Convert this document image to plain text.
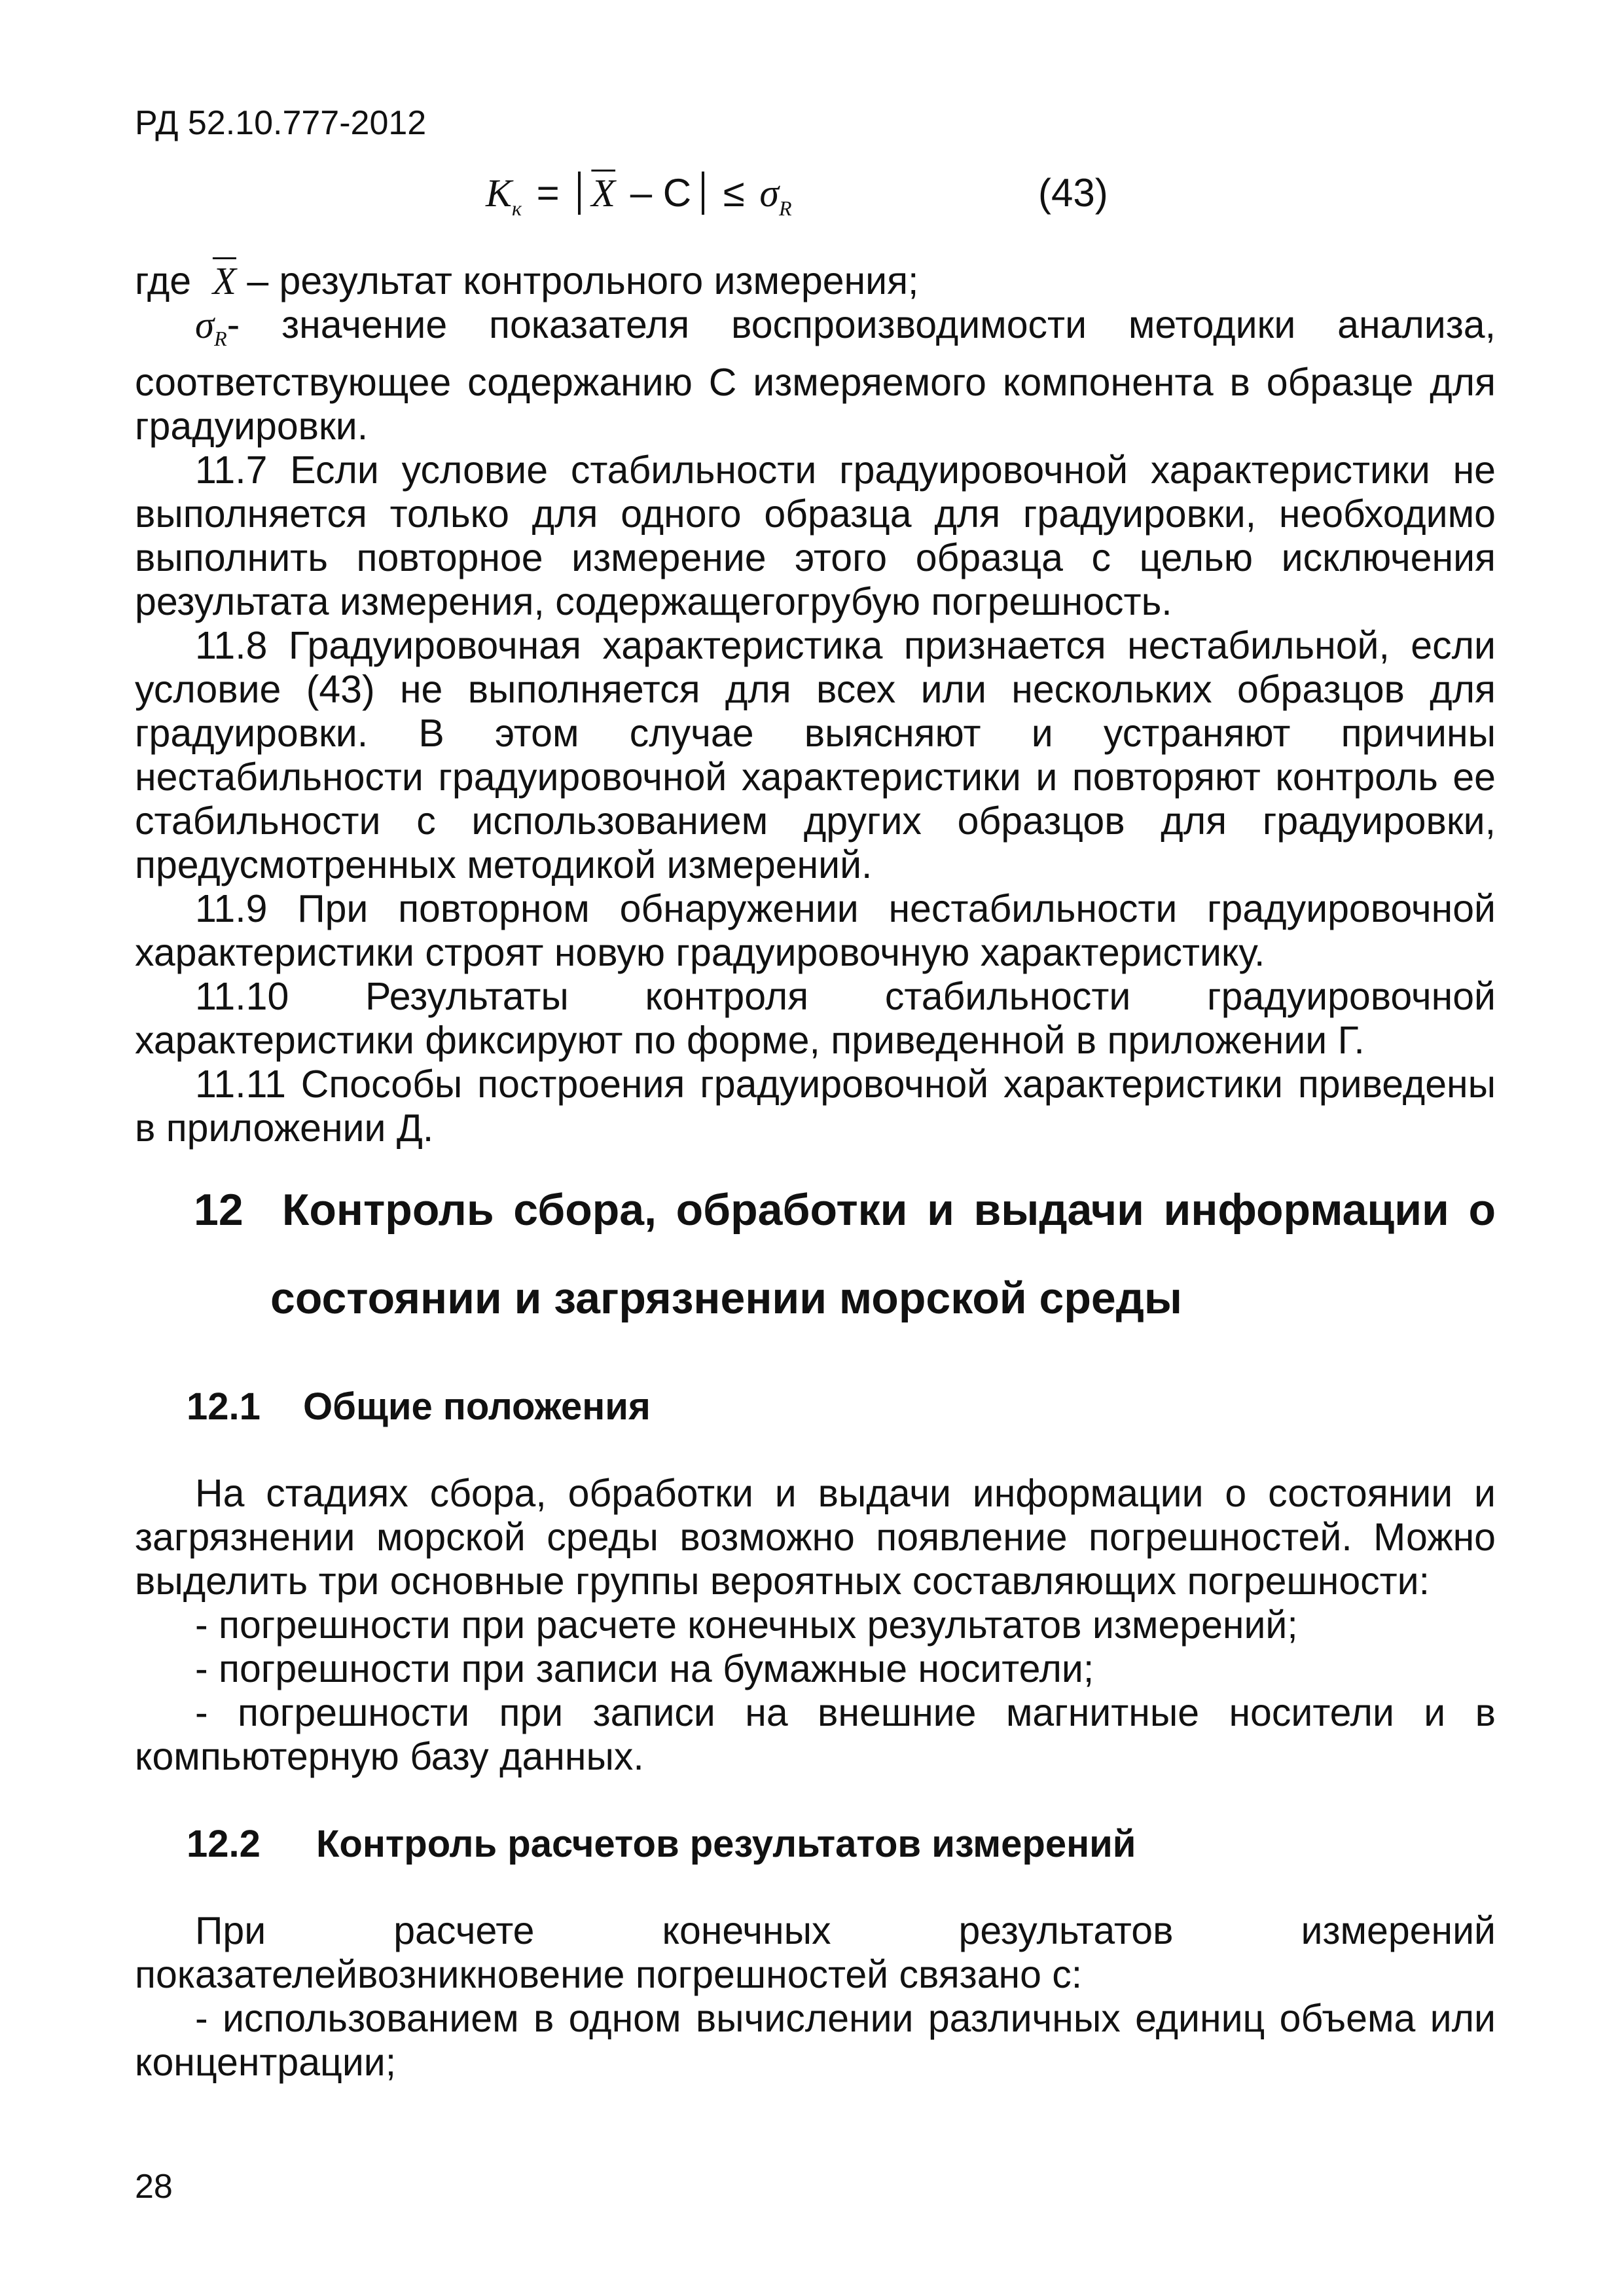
РД 52.10.777-2012
$K_к = \overline{X} - C \le \sigma_R$	(43)

где $\overline{X}$ – результат контрольного измерения;

$\sigma_R-$ значение показателя воспроизводимости методики анализа, соответствующее содержанию C измеряемого компонента в образце для градуировки.

11.7 Если условие стабильности градуировочной характеристики не выполняется только для одного образца для градуировки, необходимо выполнить повторное измерение этого образца с целью исключения результата измерения, содержащегогрубую погрешность.

11.8 Градуировочная характеристика признается нестабильной, если условие (43) не выполняется для всех или нескольких образцов для градуировки. В этом случае выясняют и устраняют причины нестабильности градуировочной характеристики и повторяют контроль ее стабильности с использованием других образцов для градуировки, предусмотренных методикой измерений.

11.9 При повторном обнаружении нестабильности градуировочной характеристики строят новую градуировочную характеристику.

11.10 Результаты контроля стабильности градуировочной характеристики фиксируют по форме, приведенной в приложении Г.

11.11 Способы построения градуировочной характеристики приведены в приложении Д.

12 Контроль сбора, обработки и выдачи информации о
состоянии и загрязнении морской среды
12.1 Общие положения

На стадиях сбора, обработки и выдачи информации о состоянии и загрязнении морской среды возможно появление погрешностей. Можно выделить три основные группы вероятных составляющих погрешности:

- погрешности при расчете конечных результатов измерений;

- погрешности при записи на бумажные носители;

- погрешности при записи на внешние магнитные носители и в компьютерную базу данных.

12.2 Контроль расчетов результатов измерений

При расчете конечных результатов измерений показателейвозникновение погрешностей связано с:

- использованием в одном вычислении различных единиц объема или концентрации;

28
